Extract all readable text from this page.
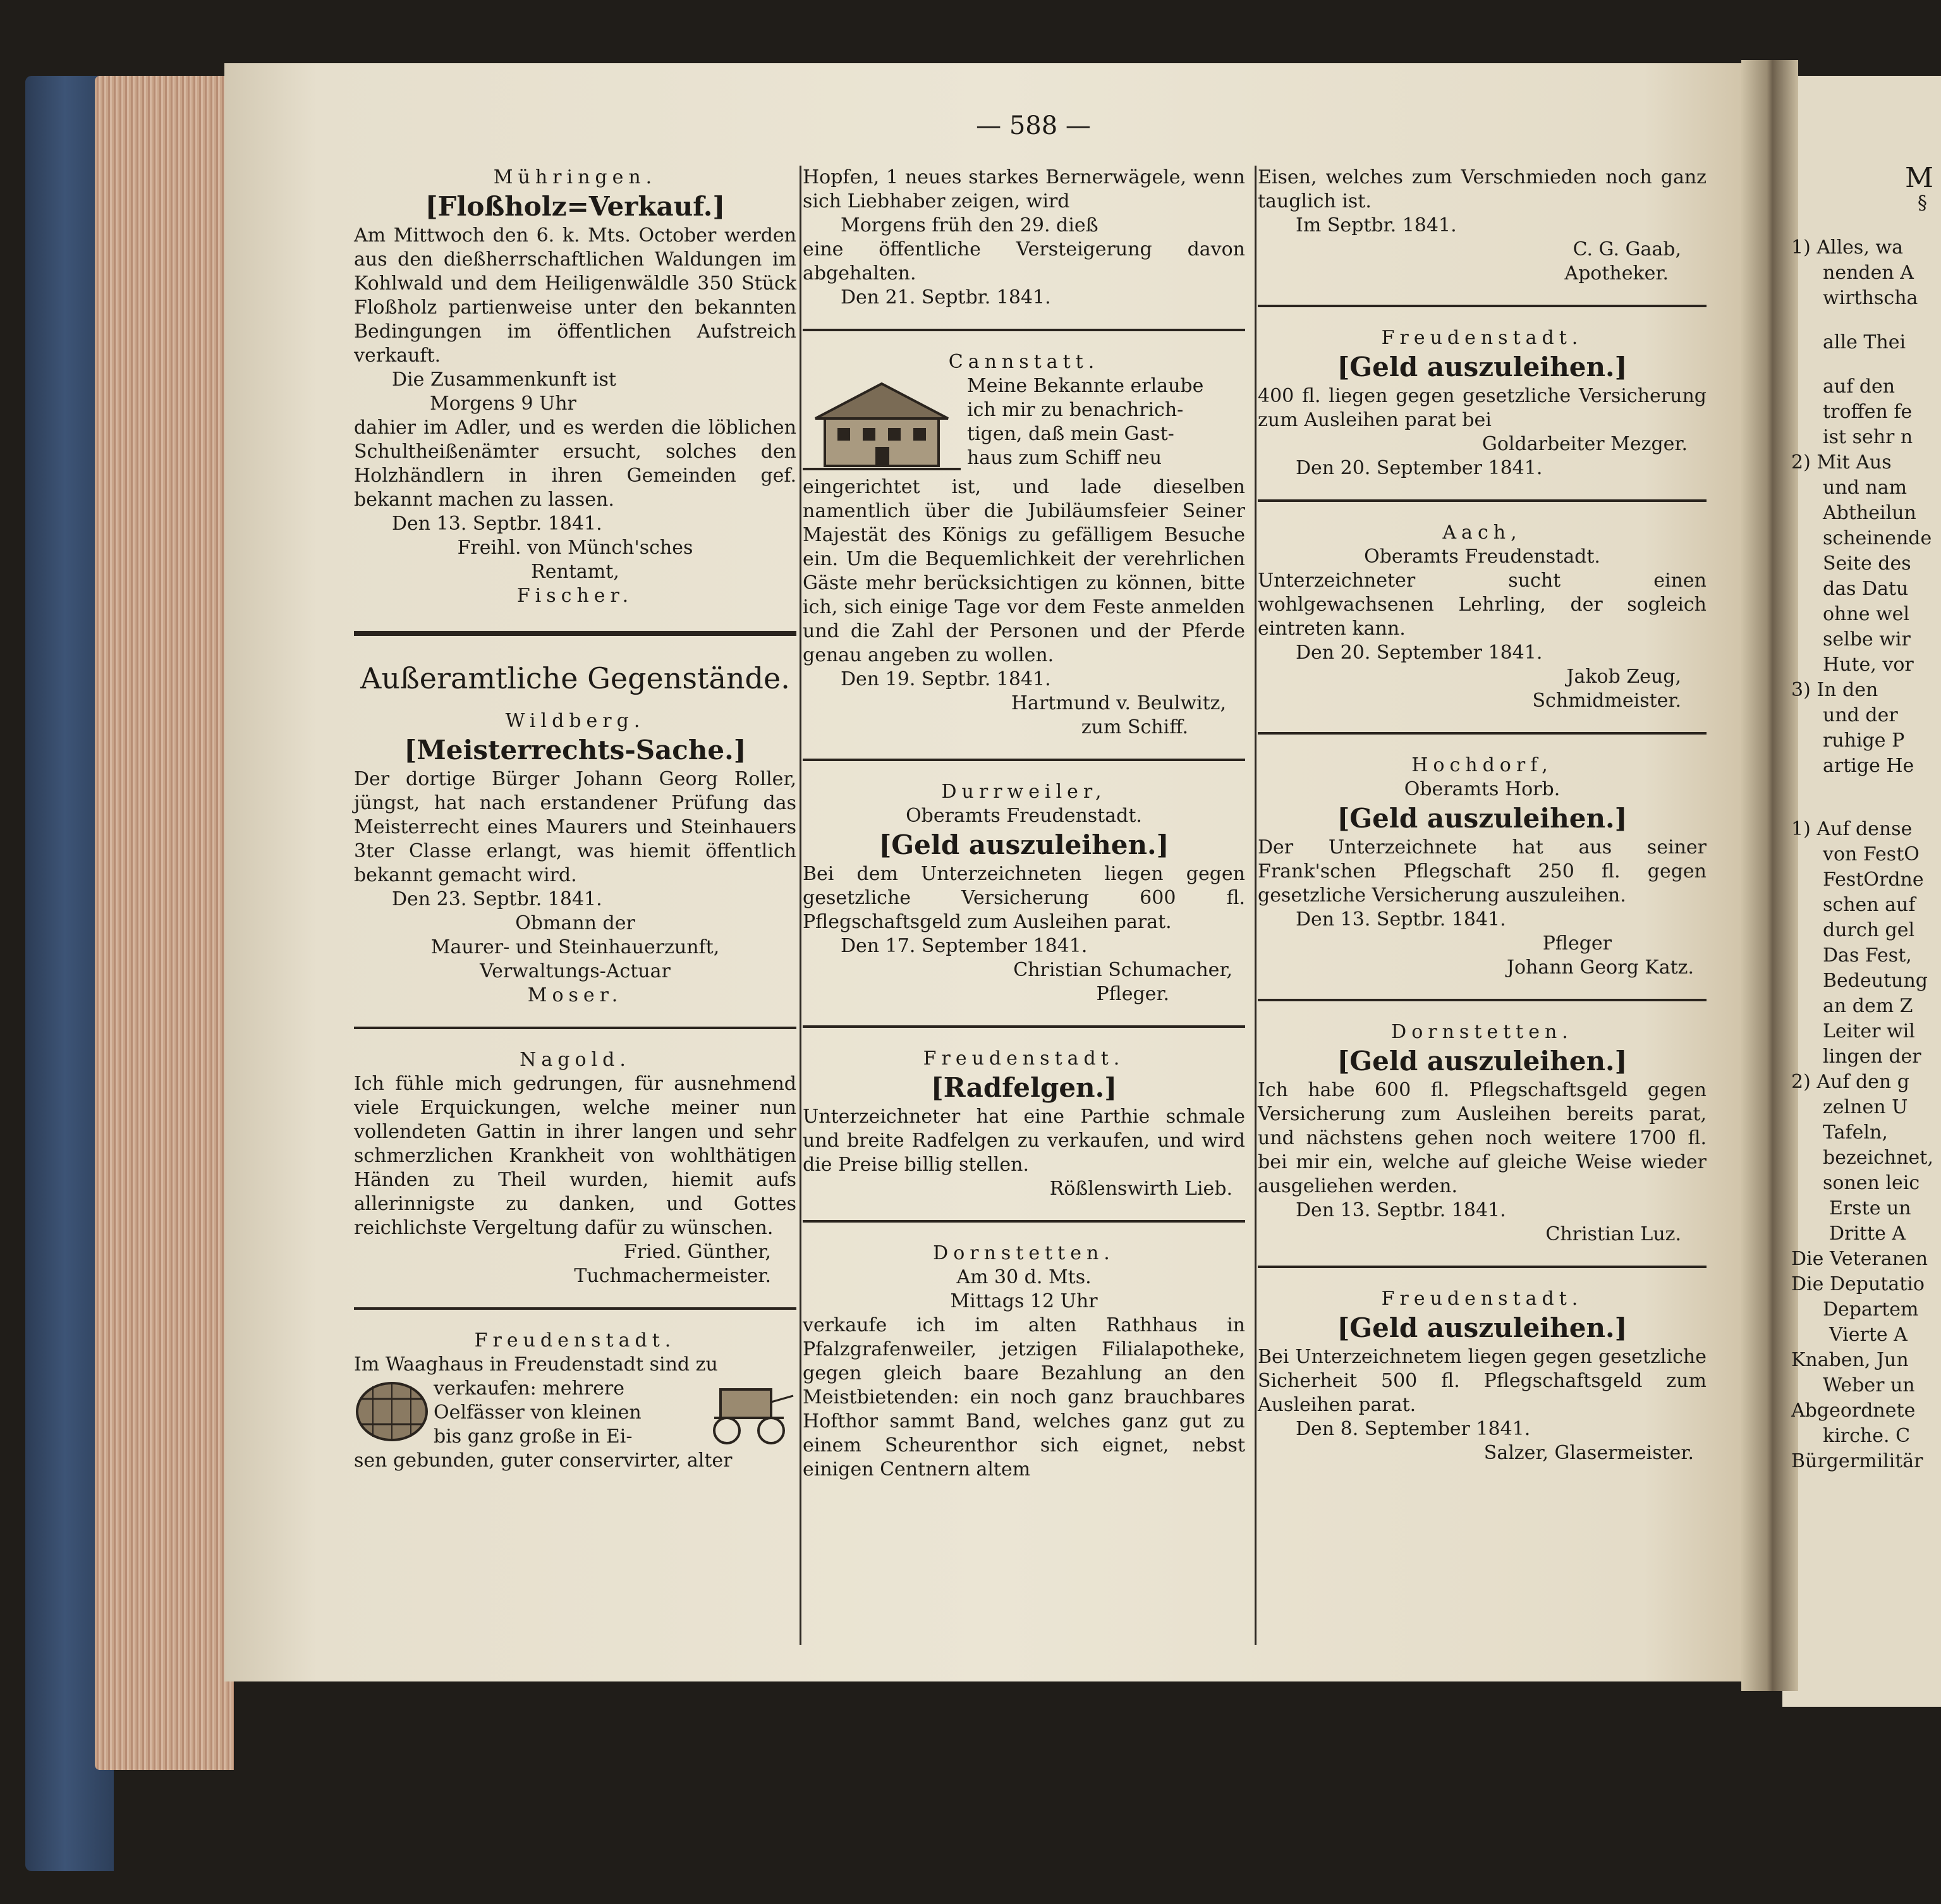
— 588 —
Mühringen.
[Floßholz=Verkauf.]
Am Mittwoch den 6. k. Mts. October werden aus den dießherrschaftlichen Waldungen im Kohlwald und dem Heiligenwäldle 350 Stück Floßholz partienweise unter den bekannten Bedingungen im öffentlichen Aufstreich verkauft.
Die Zusammenkunft ist
Morgens 9 Uhr
dahier im Adler, und es werden die löblichen Schultheißenämter ersucht, solches den Holzhändlern in ihren Gemeinden gef. bekannt machen zu lassen.
Den 13. Septbr. 1841.
Freihl. von Münch'sches
Rentamt,
Fischer.
Außeramtliche Gegenstände.
Wildberg.
[Meisterrechts-Sache.]
Der dortige Bürger Johann Georg Roller, jüngst, hat nach erstandener Prüfung das Meisterrecht eines Maurers und Steinhauers 3ter Classe erlangt, was hiemit öffentlich bekannt gemacht wird.
Den 23. Septbr. 1841.
Obmann der
Maurer- und Steinhauerzunft,
Verwaltungs-Actuar
Moser.
Nagold.
Ich fühle mich gedrungen, für ausnehmend viele Erquickungen, welche meiner nun vollendeten Gattin in ihrer langen und sehr schmerzlichen Krankheit von wohlthätigen Händen zu Theil wurden, hiemit aufs allerinnigste zu danken, und Gottes reichlichste Vergeltung dafür zu wünschen.
Fried. Günther,
Tuchmachermeister.
Freudenstadt.
Im Waaghaus in Freudenstadt sind zu
verkaufen: mehrere
Oelfässer von kleinen
bis ganz große in Ei-
sen gebunden, guter conservirter, alter
Hopfen, 1 neues starkes Bernerwägele, wenn sich Liebhaber zeigen, wird
Morgens früh den 29. dieß
eine öffentliche Versteigerung davon abgehalten.
Den 21. Septbr. 1841.
Cannstatt.
Meine Bekannte erlaube
ich mir zu benachrich-
tigen, daß mein Gast-
haus zum Schiff neu
eingerichtet ist, und lade dieselben namentlich über die Jubiläumsfeier Seiner Majestät des Königs zu gefälligem Besuche ein. Um die Bequemlichkeit der verehrlichen Gäste mehr berücksichtigen zu können, bitte ich, sich einige Tage vor dem Feste anmelden und die Zahl der Personen und der Pferde genau angeben zu wollen.
Den 19. Septbr. 1841.
Hartmund v. Beulwitz,
zum Schiff.
Durrweiler,
Oberamts Freudenstadt.
[Geld auszuleihen.]
Bei dem Unterzeichneten liegen gegen gesetzliche Versicherung 600 fl. Pflegschaftsgeld zum Ausleihen parat.
Den 17. September 1841.
Christian Schumacher,
Pfleger.
Freudenstadt.
[Radfelgen.]
Unterzeichneter hat eine Parthie schmale und breite Radfelgen zu verkaufen, und wird die Preise billig stellen.
Rößlenswirth Lieb.
Dornstetten.
Am 30 d. Mts.
Mittags 12 Uhr
verkaufe ich im alten Rathhaus in Pfalzgrafenweiler, jetzigen Filialapotheke, gegen gleich baare Bezahlung an den Meistbietenden: ein noch ganz brauchbares Hofthor sammt Band, welches ganz gut zu einem Scheurenthor sich eignet, nebst einigen Centnern altem
Eisen, welches zum Verschmieden noch ganz tauglich ist.
Im Septbr. 1841.
C. G. Gaab,
Apotheker.
Freudenstadt.
[Geld auszuleihen.]
400 fl. liegen gegen gesetzliche Versicherung zum Ausleihen parat bei
Goldarbeiter Mezger.
Den 20. September 1841.
Aach,
Oberamts Freudenstadt.
Unterzeichneter sucht einen wohlgewachsenen Lehrling, der sogleich eintreten kann.
Den 20. September 1841.
Jakob Zeug,
Schmidmeister.
Hochdorf,
Oberamts Horb.
[Geld auszuleihen.]
Der Unterzeichnete hat aus seiner Frank'schen Pflegschaft 250 fl. gegen gesetzliche Versicherung auszuleihen.
Den 13. Septbr. 1841.
Pfleger
Johann Georg Katz.
Dornstetten.
[Geld auszuleihen.]
Ich habe 600 fl. Pflegschaftsgeld gegen Versicherung zum Ausleihen bereits parat, und nächstens gehen noch weitere 1700 fl. bei mir ein, welche auf gleiche Weise wieder ausgeliehen werden.
Den 13. Septbr. 1841.
Christian Luz.
Freudenstadt.
[Geld auszuleihen.]
Bei Unterzeichnetem liegen gegen gesetzliche Sicherheit 500 fl. Pflegschaftsgeld zum Ausleihen parat.
Den 8. September 1841.
Salzer, Glasermeister.
M
§
1) Alles, wa
nenden A
wirthscha
alle Thei
auf den
troffen fe
ist sehr n
2) Mit Aus
und nam
Abtheilun
scheinende
Seite des
das Datu
ohne wel
selbe wir
Hute, vor
3) In den
und der
ruhige P
artige He
1) Auf dense
von FestO
FestOrdne
schen auf
durch gel
Das Fest,
Bedeutung
an dem Z
Leiter wil
lingen der
2) Auf den g
zelnen U
Tafeln,
bezeichnet,
sonen leic
Erste un
Dritte A
Die Veteranen
Die Deputatio
Departem
Vierte A
Knaben, Jun
Weber un
Abgeordnete
kirche. C
Bürgermilitär
